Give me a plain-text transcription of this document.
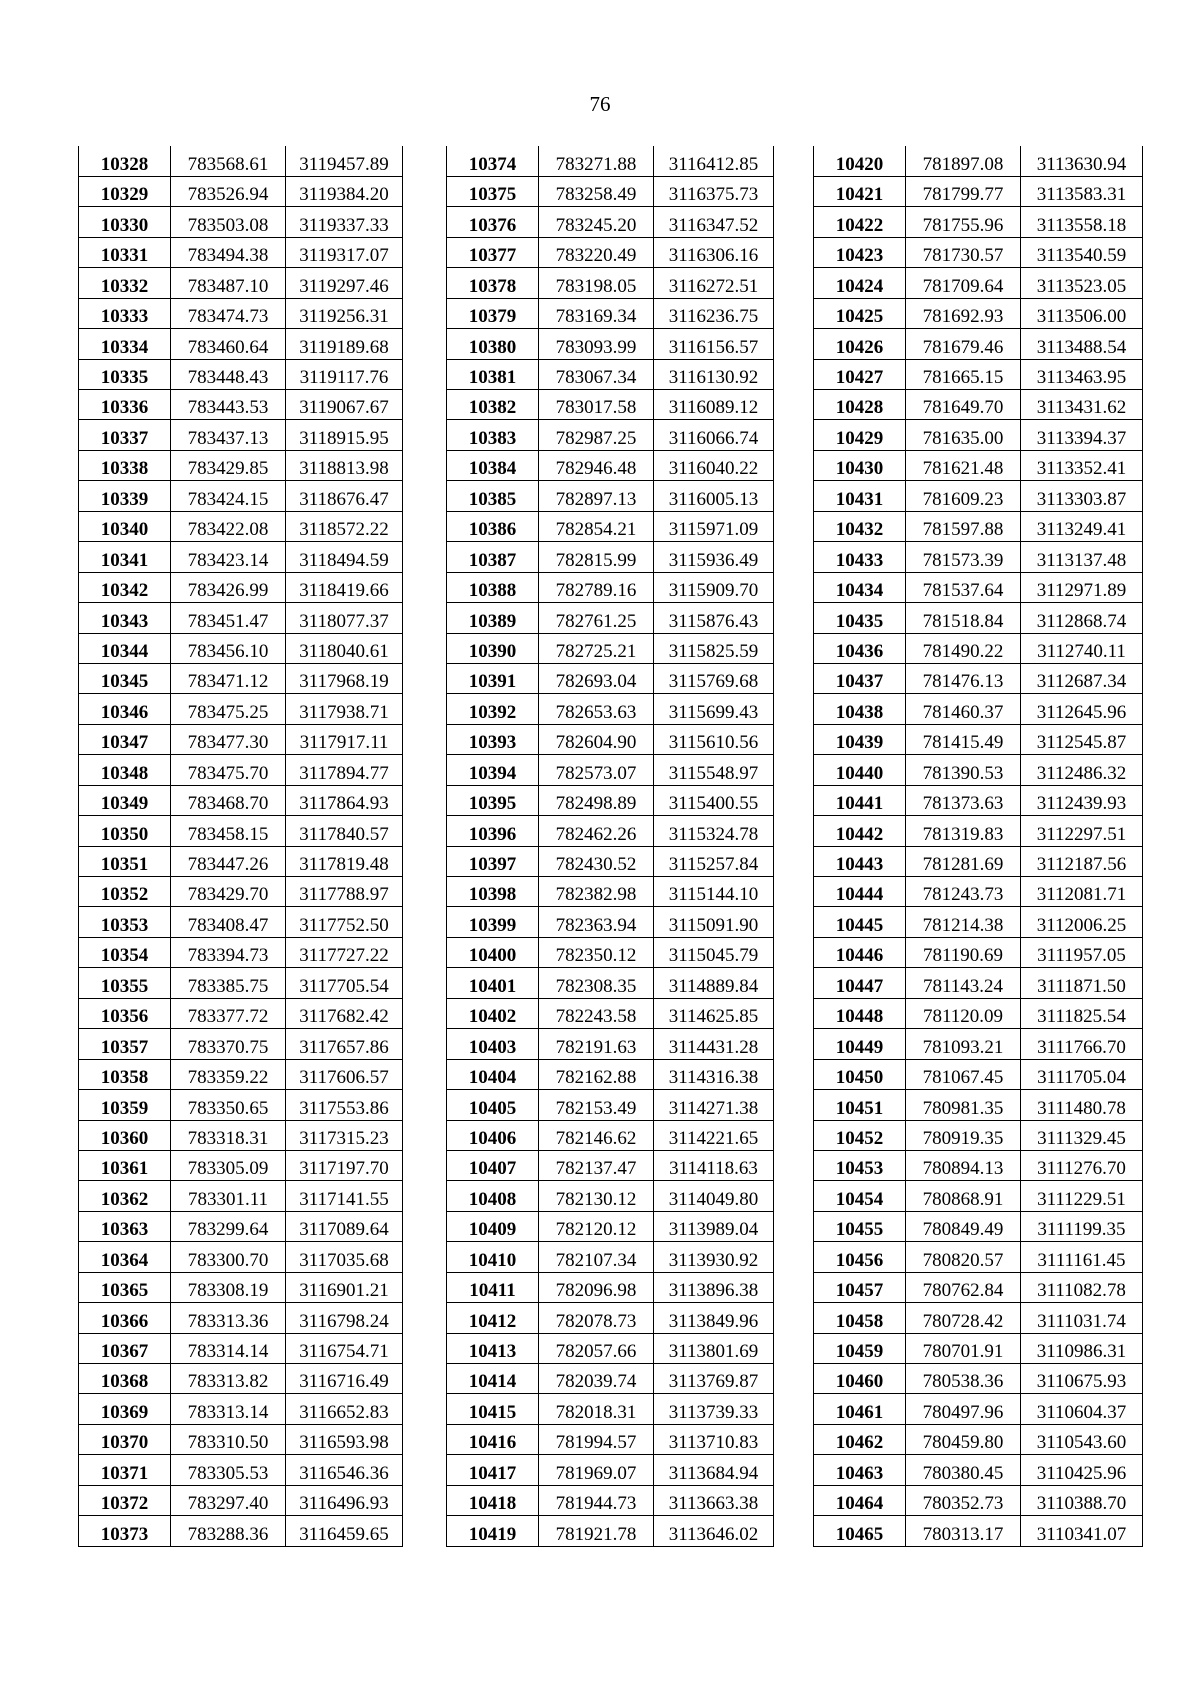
76
10328	783568.61	3119457.89
10329	783526.94	3119384.20
10330	783503.08	3119337.33
10331	783494.38	3119317.07
10332	783487.10	3119297.46
10333	783474.73	3119256.31
10334	783460.64	3119189.68
10335	783448.43	3119117.76
10336	783443.53	3119067.67
10337	783437.13	3118915.95
10338	783429.85	3118813.98
10339	783424.15	3118676.47
10340	783422.08	3118572.22
10341	783423.14	3118494.59
10342	783426.99	3118419.66
10343	783451.47	3118077.37
10344	783456.10	3118040.61
10345	783471.12	3117968.19
10346	783475.25	3117938.71
10347	783477.30	3117917.11
10348	783475.70	3117894.77
10349	783468.70	3117864.93
10350	783458.15	3117840.57
10351	783447.26	3117819.48
10352	783429.70	3117788.97
10353	783408.47	3117752.50
10354	783394.73	3117727.22
10355	783385.75	3117705.54
10356	783377.72	3117682.42
10357	783370.75	3117657.86
10358	783359.22	3117606.57
10359	783350.65	3117553.86
10360	783318.31	3117315.23
10361	783305.09	3117197.70
10362	783301.11	3117141.55
10363	783299.64	3117089.64
10364	783300.70	3117035.68
10365	783308.19	3116901.21
10366	783313.36	3116798.24
10367	783314.14	3116754.71
10368	783313.82	3116716.49
10369	783313.14	3116652.83
10370	783310.50	3116593.98
10371	783305.53	3116546.36
10372	783297.40	3116496.93
10373	783288.36	3116459.65
10374	783271.88	3116412.85
10375	783258.49	3116375.73
10376	783245.20	3116347.52
10377	783220.49	3116306.16
10378	783198.05	3116272.51
10379	783169.34	3116236.75
10380	783093.99	3116156.57
10381	783067.34	3116130.92
10382	783017.58	3116089.12
10383	782987.25	3116066.74
10384	782946.48	3116040.22
10385	782897.13	3116005.13
10386	782854.21	3115971.09
10387	782815.99	3115936.49
10388	782789.16	3115909.70
10389	782761.25	3115876.43
10390	782725.21	3115825.59
10391	782693.04	3115769.68
10392	782653.63	3115699.43
10393	782604.90	3115610.56
10394	782573.07	3115548.97
10395	782498.89	3115400.55
10396	782462.26	3115324.78
10397	782430.52	3115257.84
10398	782382.98	3115144.10
10399	782363.94	3115091.90
10400	782350.12	3115045.79
10401	782308.35	3114889.84
10402	782243.58	3114625.85
10403	782191.63	3114431.28
10404	782162.88	3114316.38
10405	782153.49	3114271.38
10406	782146.62	3114221.65
10407	782137.47	3114118.63
10408	782130.12	3114049.80
10409	782120.12	3113989.04
10410	782107.34	3113930.92
10411	782096.98	3113896.38
10412	782078.73	3113849.96
10413	782057.66	3113801.69
10414	782039.74	3113769.87
10415	782018.31	3113739.33
10416	781994.57	3113710.83
10417	781969.07	3113684.94
10418	781944.73	3113663.38
10419	781921.78	3113646.02
10420	781897.08	3113630.94
10421	781799.77	3113583.31
10422	781755.96	3113558.18
10423	781730.57	3113540.59
10424	781709.64	3113523.05
10425	781692.93	3113506.00
10426	781679.46	3113488.54
10427	781665.15	3113463.95
10428	781649.70	3113431.62
10429	781635.00	3113394.37
10430	781621.48	3113352.41
10431	781609.23	3113303.87
10432	781597.88	3113249.41
10433	781573.39	3113137.48
10434	781537.64	3112971.89
10435	781518.84	3112868.74
10436	781490.22	3112740.11
10437	781476.13	3112687.34
10438	781460.37	3112645.96
10439	781415.49	3112545.87
10440	781390.53	3112486.32
10441	781373.63	3112439.93
10442	781319.83	3112297.51
10443	781281.69	3112187.56
10444	781243.73	3112081.71
10445	781214.38	3112006.25
10446	781190.69	3111957.05
10447	781143.24	3111871.50
10448	781120.09	3111825.54
10449	781093.21	3111766.70
10450	781067.45	3111705.04
10451	780981.35	3111480.78
10452	780919.35	3111329.45
10453	780894.13	3111276.70
10454	780868.91	3111229.51
10455	780849.49	3111199.35
10456	780820.57	3111161.45
10457	780762.84	3111082.78
10458	780728.42	3111031.74
10459	780701.91	3110986.31
10460	780538.36	3110675.93
10461	780497.96	3110604.37
10462	780459.80	3110543.60
10463	780380.45	3110425.96
10464	780352.73	3110388.70
10465	780313.17	3110341.07
